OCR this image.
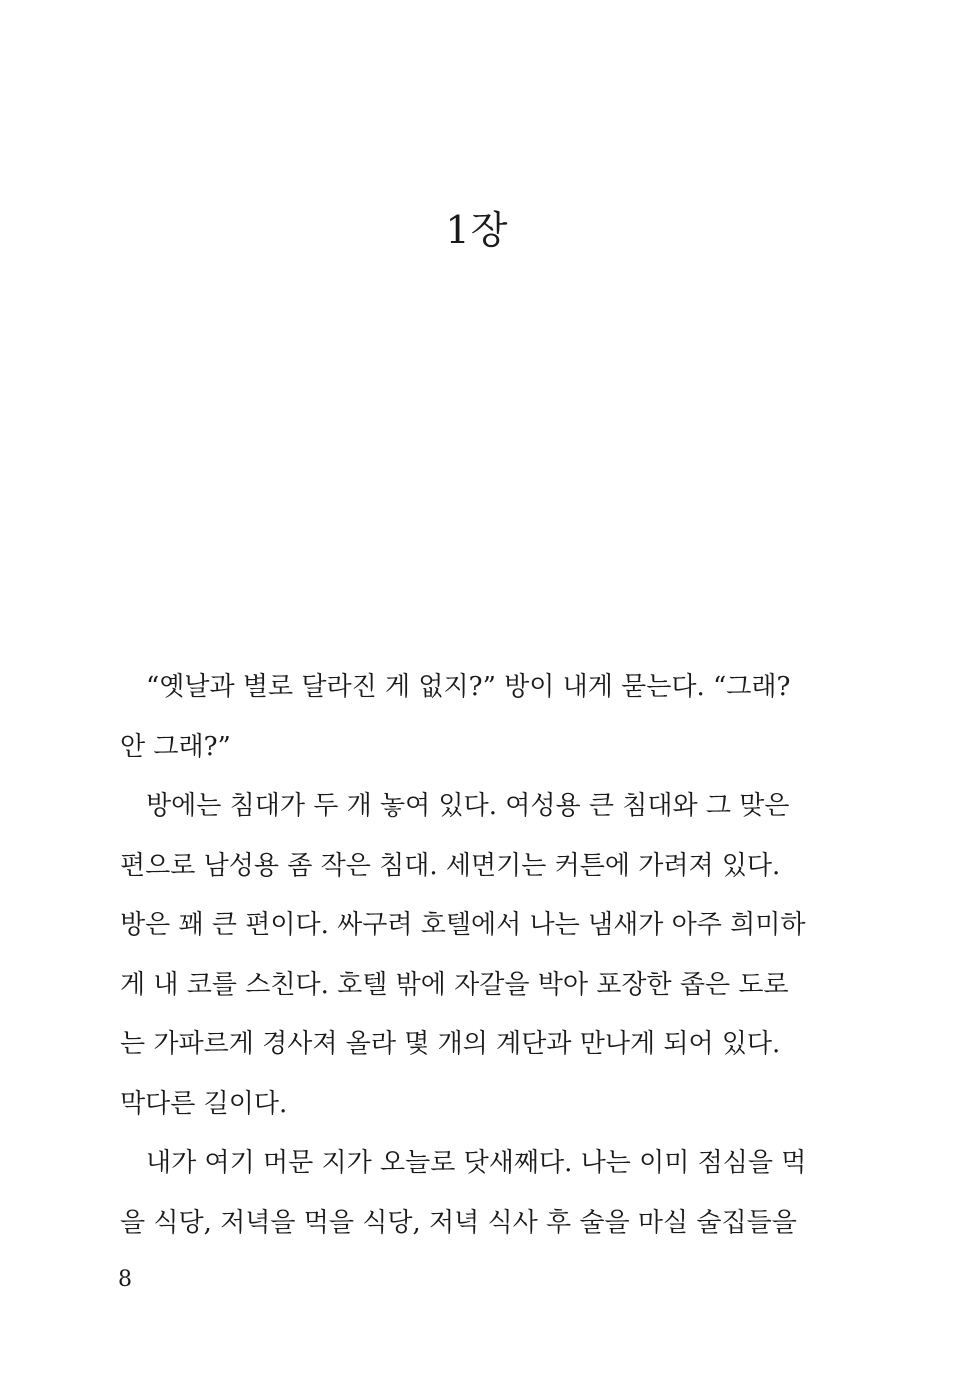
1장
“옛날과 별로 달라진 게 없지?” 방이 내게 묻는다. “그래?
안 그래?”
방에는 침대가 두 개 놓여 있다. 여성용 큰 침대와 그 맞은
편으로 남성용 좀 작은 침대. 세면기는 커튼에 가려져 있다.
방은 꽤 큰 편이다. 싸구려 호텔에서 나는 냄새가 아주 희미하
게 내 코를 스친다. 호텔 밖에 자갈을 박아 포장한 좁은 도로
는 가파르게 경사져 올라 몇 개의 계단과 만나게 되어 있다.
막다른 길이다.
내가 여기 머문 지가 오늘로 닷새째다. 나는 이미 점심을 먹
을 식당, 저녁을 먹을 식당, 저녁 식사 후 술을 마실 술집들을
8
